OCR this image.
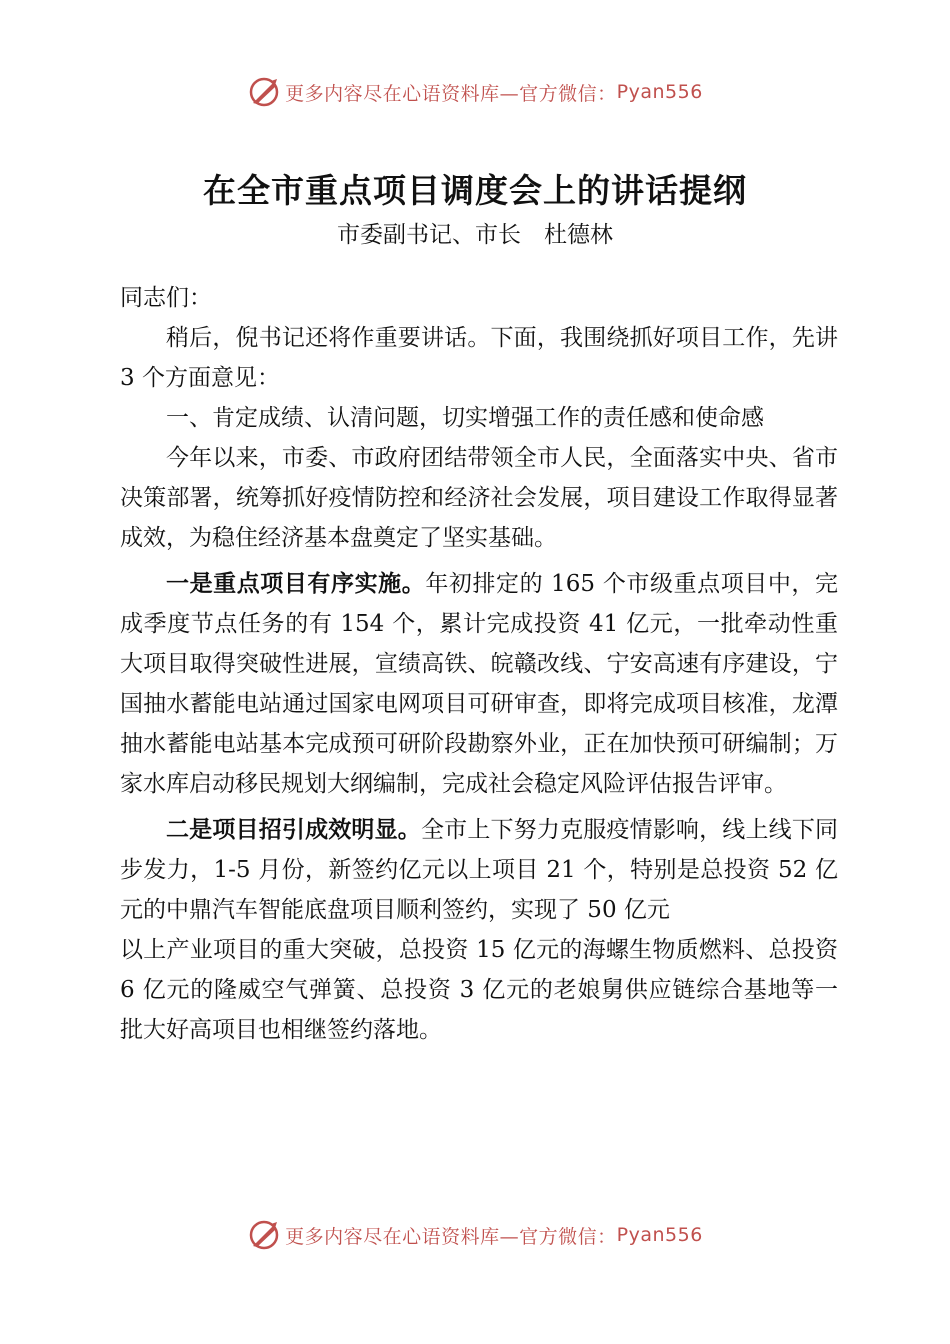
更多内容尽在心语资料库—官方微信： Pyan556
在全市重点项目调度会上的讲话提纲
市委副书记、市长　杜德林

同志们：

稍后，倪书记还将作重要讲话。下面，我围绕抓好项目工作，先讲 3 个方面意见：

一、肯定成绩、认清问题，切实增强工作的责任感和使命感

今年以来，市委、市政府团结带领全市人民，全面落实中央、省市决策部署，统筹抓好疫情防控和经济社会发展，项目建设工作取得显著成效，为稳住经济基本盘奠定了坚实基础。

一是重点项目有序实施。年初排定的 165 个市级重点项目中，完成季度节点任务的有 154 个，累计完成投资 41 亿元，一批牵动性重大项目取得突破性进展，宣绩高铁、皖赣改线、宁安高速有序建设，宁国抽水蓄能电站通过国家电网项目可研审查，即将完成项目核准，龙潭抽水蓄能电站基本完成预可研阶段勘察外业，正在加快预可研编制；万家水库启动移民规划大纲编制，完成社会稳定风险评估报告评审。

二是项目招引成效明显。全市上下努力克服疫情影响，线上线下同步发力，1-5 月份，新签约亿元以上项目 21 个，特别是总投资 52 亿元的中鼎汽车智能底盘项目顺利签约，实现了 50 亿元

以上产业项目的重大突破，总投资 15 亿元的海螺生物质燃料、总投资 6 亿元的隆威空气弹簧、总投资 3 亿元的老娘舅供应链综合基地等一批大好高项目也相继签约落地。

更多内容尽在心语资料库—官方微信： Pyan556
